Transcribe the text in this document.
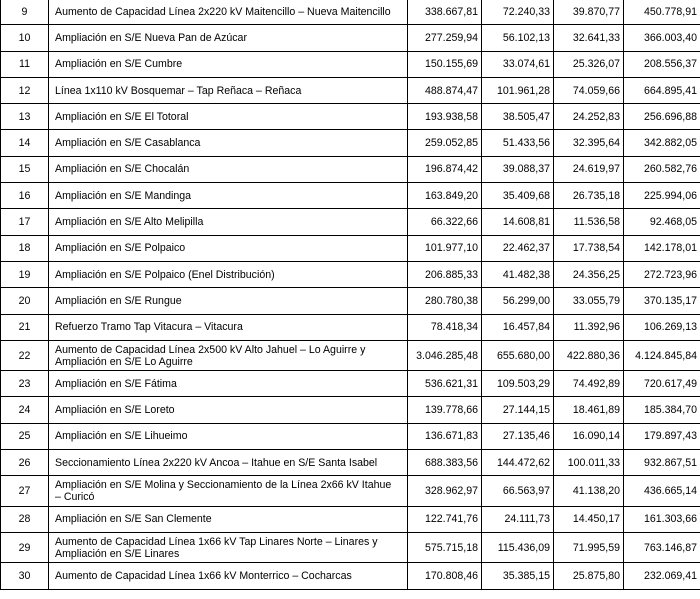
9	Aumento de Capacidad Línea 2x220 kV Maitencillo – Nueva Maitencillo	338.667,81	72.240,33	39.870,77	450.778,91
10	Ampliación en S/E Nueva Pan de Azúcar	277.259,94	56.102,13	32.641,33	366.003,40
11	Ampliación en S/E Cumbre	150.155,69	33.074,61	25.326,07	208.556,37
12	Línea 1x110 kV Bosquemar – Tap Reñaca – Reñaca	488.874,47	101.961,28	74.059,66	664.895,41
13	Ampliación en S/E El Totoral	193.938,58	38.505,47	24.252,83	256.696,88
14	Ampliación en S/E Casablanca	259.052,85	51.433,56	32.395,64	342.882,05
15	Ampliación en S/E Chocalán	196.874,42	39.088,37	24.619,97	260.582,76
16	Ampliación en S/E Mandinga	163.849,20	35.409,68	26.735,18	225.994,06
17	Ampliación en S/E Alto Melipilla	66.322,66	14.608,81	11.536,58	92.468,05
18	Ampliación en S/E Polpaico	101.977,10	22.462,37	17.738,54	142.178,01
19	Ampliación en S/E Polpaico (Enel Distribución)	206.885,33	41.482,38	24.356,25	272.723,96
20	Ampliación en S/E Rungue	280.780,38	56.299,00	33.055,79	370.135,17
21	Refuerzo Tramo Tap Vitacura – Vitacura	78.418,34	16.457,84	11.392,96	106.269,13
22	Aumento de Capacidad Línea 2x500 kV Alto Jahuel – Lo Aguirre y
Ampliación en S/E Lo Aguirre	3.046.285,48	655.680,00	422.880,36	4.124.845,84
23	Ampliación en S/E Fátima	536.621,31	109.503,29	74.492,89	720.617,49
24	Ampliación en S/E Loreto	139.778,66	27.144,15	18.461,89	185.384,70
25	Ampliación en S/E Lihueimo	136.671,83	27.135,46	16.090,14	179.897,43
26	Seccionamiento Línea 2x220 kV Ancoa – Itahue en S/E Santa Isabel	688.383,56	144.472,62	100.011,33	932.867,51
27	Ampliación en S/E Molina y Seccionamiento de la Línea 2x66 kV Itahue
– Curicó	328.962,97	66.563,97	41.138,20	436.665,14
28	Ampliación en S/E San Clemente	122.741,76	24.111,73	14.450,17	161.303,66
29	Aumento de Capacidad Línea 1x66 kV Tap Linares Norte – Linares y
Ampliación en S/E Linares	575.715,18	115.436,09	71.995,59	763.146,87
30	Aumento de Capacidad Línea 1x66 kV Monterrico – Cocharcas	170.808,46	35.385,15	25.875,80	232.069,41
